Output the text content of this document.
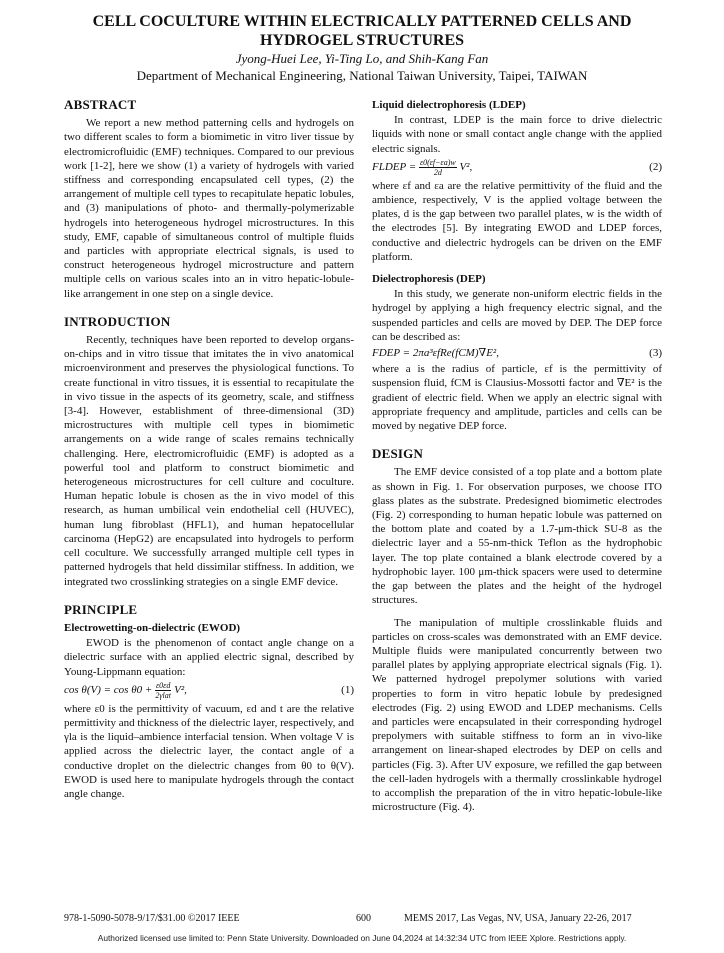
CELL COCULTURE WITHIN ELECTRICALLY PATTERNED CELLS AND
HYDROGEL STRUCTURES
Jyong-Huei Lee, Yi-Ting Lo, and Shih-Kang Fan
Department of Mechanical Engineering, National Taiwan University, Taipei, TAIWAN
ABSTRACT

We report a new method patterning cells and hydrogels on two different scales to form a biomimetic in vitro liver tissue by electromicrofluidic (EMF) techniques. Compared to our previous work [1-2], here we show (1) a variety of hydrogels with varied stiffness and corresponding encapsulated cell types, (2) the arrangement of multiple cell types to recapitulate hepatic lobules, and (3) manipulations of photo- and thermally-polymerizable hydrogels into heterogeneous hydrogel microstructures. In this study, EMF, capable of simultaneous control of multiple fluids and particles with appropriate electrical signals, is used to construct heterogeneous hydrogel microstructure and pattern multiple cells on various scales into an in vitro hepatic-lobule-like arrangement in one step on a single device.

INTRODUCTION

Recently, techniques have been reported to develop organs-on-chips and in vitro tissue that imitates the in vivo anatomical microenvironment and preserves the physiological functions. To create functional in vitro tissues, it is essential to recapitulate the in vivo tissue in the aspects of its geometry, scale, and stiffness [3-4]. However, establishment of three-dimensional (3D) microstructures with multiple cell types in biomimetic arrangements on a wide range of scales remains technically challenging. Here, electromicrofluidic (EMF) is adopted as a powerful tool and platform to construct biomimetic and heterogeneous microstructures for cell culture and coculture. Human hepatic lobule is chosen as the in vivo model of this research, as human umbilical vein endothelial cell (HUVEC), human lung fibroblast (HFL1), and human hepatocellular carcinoma (HepG2) are encapsulated into hydrogels to perform cell coculture. We successfully arranged multiple cell types in patterned hydrogels that held dissimilar stiffness. In addition, we integrated two crosslinking strategies on a single EMF device.

PRINCIPLE
Electrowetting-on-dielectric (EWOD)

EWOD is the phenomenon of contact angle change on a dielectric surface with an applied electric signal, described by Young-Lippmann equation:

$\cos \theta(V) = \cos \theta 0 + \frac{\varepsilon 0\varepsilon d}{\text{2γlat}} V^2$,	(1)

where ε0 is the permittivity of vacuum, εd and t are the relative permittivity and thickness of the dielectric layer, respectively, and γla is the liquid–ambience interfacial tension. When voltage V is applied across the dielectric layer, the contact angle of a conductive droplet on the dielectric changes from θ0 to θ(V). EWOD is used here to manipulate hydrogels through the contact angle change.

Liquid dielectrophoresis (LDEP)

In contrast, LDEP is the main force to drive dielectric liquids with none or small contact angle change with the applied electric signals.

FLDEP = $\frac{\varepsilon 0(\varepsilon f-\varepsilon a)w}{2d} V^2$,	(2)

where εf and εa are the relative permittivity of the fluid and the ambience, respectively, V is the applied voltage between the plates, d is the gap between two parallel plates, w is the width of the electrodes [5]. By integrating EWOD and LDEP forces, conductive and dielectric hydrogels can be driven on the EMF platform.

Dielectrophoresis (DEP)

In this study, we generate non-uniform electric fields in the hydrogel by applying a high frequency electric signal, and the suspended particles and cells are moved by DEP. The DEP force can be described as:

FDEP = 2πa³εfRe(fCM)∇E²,	(3)

where a is the radius of particle, εf is the permittivity of suspension fluid, fCM is Clausius-Mossotti factor and ∇E² is the gradient of electric field. When we apply an electric signal with appropriate frequency and amplitude, particles and cells can be moved by negative DEP force.

DESIGN

The EMF device consisted of a top plate and a bottom plate as shown in Fig. 1. For observation purposes, we choose ITO glass plates as the substrate. Predesigned biomimetic electrodes (Fig. 2) corresponding to human hepatic lobule was patterned on the bottom plate and coated by a 1.7-μm-thick SU-8 as the dielectric layer and a 55-nm-thick Teflon as the hydrophobic layer. The top plate contained a blank electrode covered by a hydrophobic layer. 100 μm-thick spacers were used to determine the gap between the plates and the height of the hydrogel structures.

The manipulation of multiple crosslinkable fluids and particles on cross-scales was demonstrated with an EMF device. Multiple fluids were manipulated concurrently between two parallel plates by applying appropriate electrical signals (Fig. 1). We patterned hydrogel prepolymer solutions with varied properties to form in vitro hepatic lobule by predesigned electrodes (Fig. 2) using EWOD and LDEP mechanisms. Cells and particles were encapsulated in their corresponding hydrogel prepolymers with suitable stiffness to form an in vivo-like arrangement on linear-shaped electrodes by DEP on cells and particles (Fig. 3). After UV exposure, we refilled the gap between the cell-laden hydrogels with a thermally crosslinkable hydrogel to accomplish the preparation of the in vitro hepatic-lobule-like microstructure (Fig. 4).

978-1-5090-5078-9/17/$31.00 ©2017 IEEE	600	MEMS 2017, Las Vegas, NV, USA, January 22-26, 2017
Authorized licensed use limited to: Penn State University. Downloaded on June 04,2024 at 14:32:34 UTC from IEEE Xplore. Restrictions apply.
